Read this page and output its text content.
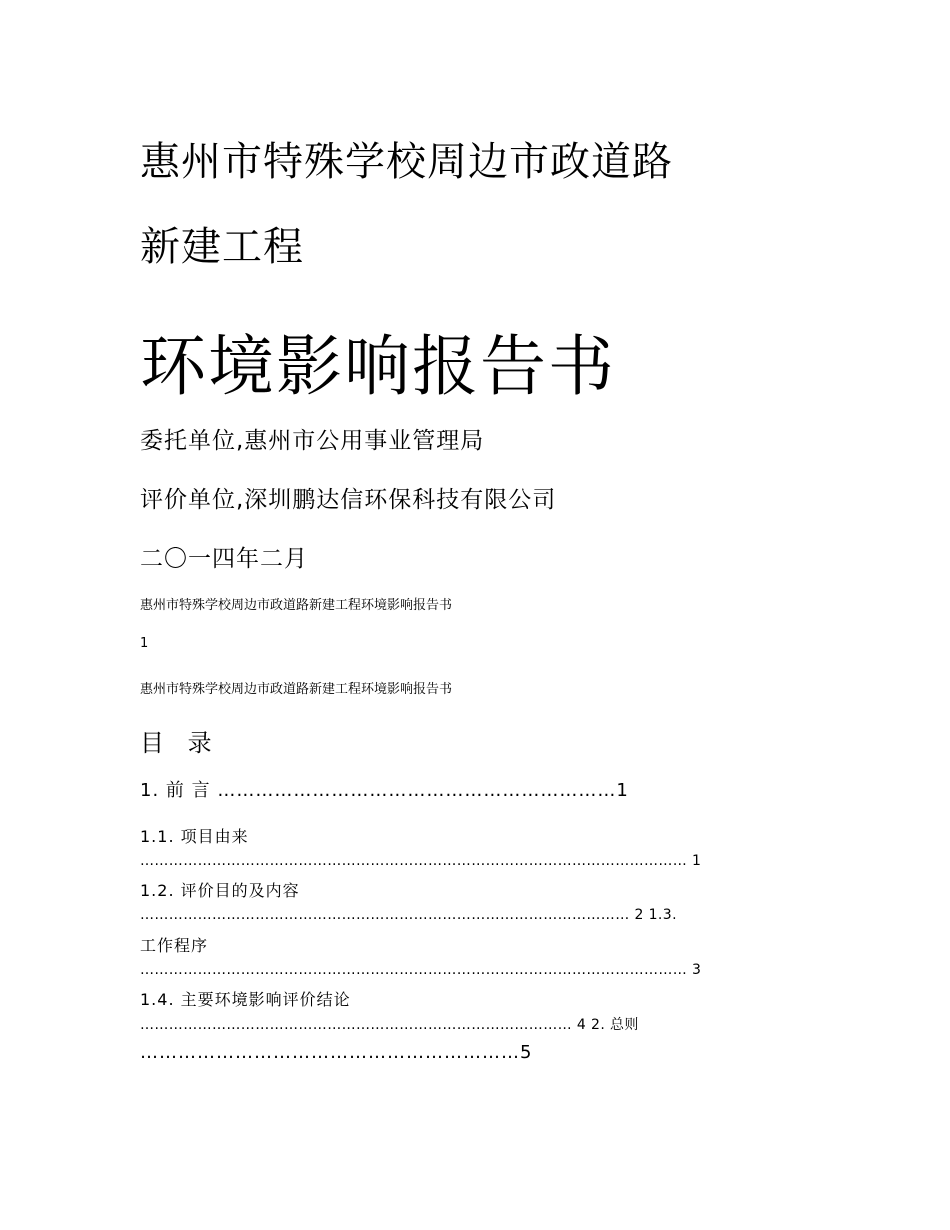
惠州市特殊学校周边市政道路
新建工程
环境影响报告书

委托单位,惠州市公用事业管理局

评价单位,深圳鹏达信环保科技有限公司

二〇一四年二月

惠州市特殊学校周边市政道路新建工程环境影响报告书

1

惠州市特殊学校周边市政道路新建工程环境影响报告书

目 录

1. 前 言 ………………………………………………………1

1.1. 项目由来

…………………………………………………………………………………………………… 1

1.2. 评价目的及内容

………………………………………………………………………………………… 2 1.3.

工作程序

…………………………………………………………………………………………………… 3

1.4. 主要环境影响评价结论

……………………………………………………………………………… 4 2. 总则

……………………………………………………5
